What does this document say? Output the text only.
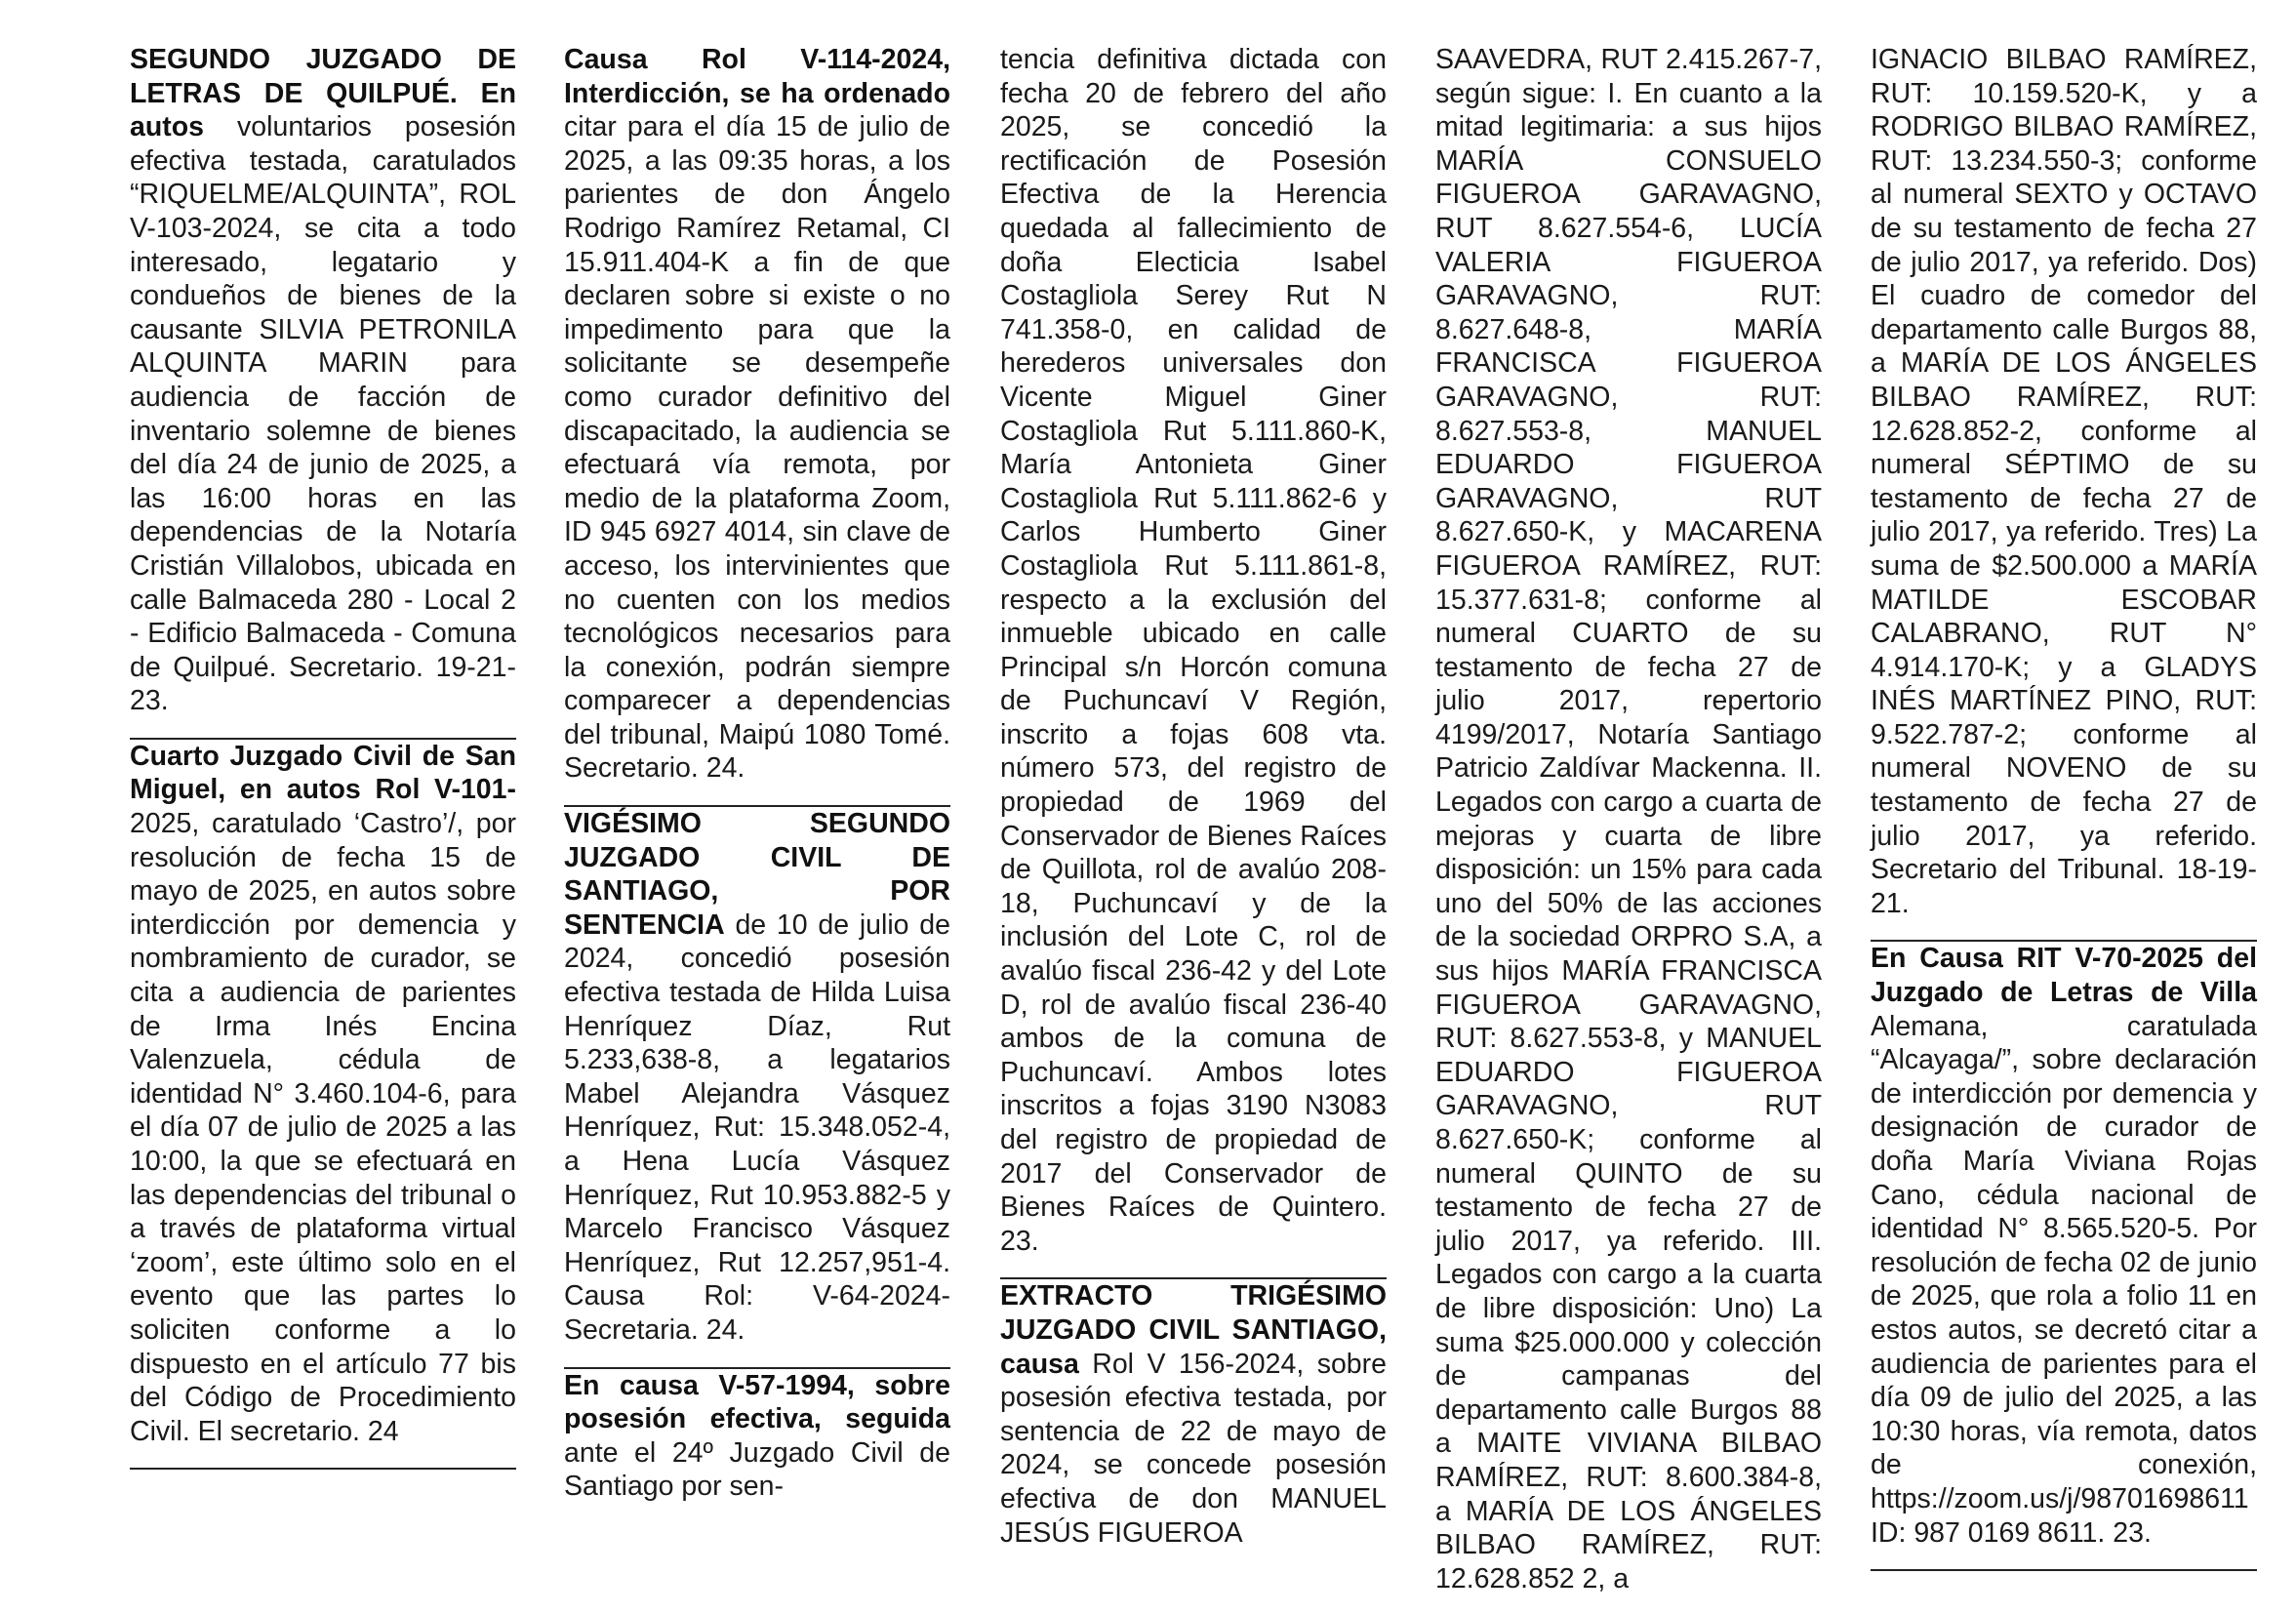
SEGUNDO JUZGADO DE LETRAS DE QUILPUÉ. En autos voluntarios posesión efectiva testada, caratulados “RIQUELME/ALQUINTA”, ROL V-103-2024, se cita a todo interesado, legatario y condueños de bienes de la causante SILVIA PETRONILA ALQUINTA MARIN para audiencia de facción de inventario solemne de bienes del día 24 de junio de 2025, a las 16:00 horas en las dependencias de la Notaría Cristián Villalobos, ubicada en calle Balmaceda 280 - Local 2 - Edificio Balmaceda - Comuna de Quilpué. Secretario. 19-21-23.

Cuarto Juzgado Civil de San Miguel, en autos Rol V-101-2025, caratulado ‘Castro’/, por resolución de fecha 15 de mayo de 2025, en autos sobre interdicción por demencia y nombramiento de curador, se cita a audiencia de parientes de Irma Inés Encina Valenzuela, cédula de identidad N° 3.460.104-6, para el día 07 de julio de 2025 a las 10:00, la que se efectuará en las dependencias del tribunal o a través de plataforma virtual ‘zoom’, este último solo en el evento que las partes lo soliciten conforme a lo dispuesto en el artículo 77 bis del Código de Procedimiento Civil. El secretario. 24

Causa Rol V-114-2024, Interdicción, se ha ordenado citar para el día 15 de julio de 2025, a las 09:35 horas, a los parientes de don Ángelo Rodrigo Ramírez Retamal, CI 15.911.404-K a fin de que declaren sobre si existe o no impedimento para que la solicitante se desempeñe como curador definitivo del discapacitado, la audiencia se efectuará vía remota, por medio de la plataforma Zoom, ID 945 6927 4014, sin clave de acceso, los intervinientes que no cuenten con los medios tecnológicos necesarios para la conexión, podrán siempre comparecer a dependencias del tribunal, Maipú 1080 Tomé. Secretario. 24.

VIGÉSIMO SEGUNDO JUZGADO CIVIL DE SANTIAGO, POR SENTENCIA de 10 de julio de 2024, concedió posesión efectiva testada de Hilda Luisa Henríquez Díaz, Rut 5.233,638-8, a legatarios Mabel Alejandra Vásquez Henríquez, Rut: 15.348.052-4, a Hena Lucía Vásquez Henríquez, Rut 10.953.882-5 y Marcelo Francisco Vásquez Henríquez, Rut 12.257,951-4. Causa Rol: V-64-2024- Secretaria. 24.

En causa V-57-1994, sobre posesión efectiva, seguida ante el 24º Juzgado Civil de Santiago por sen-

tencia definitiva dictada con fecha 20 de febrero del año 2025, se concedió la rectificación de Posesión Efectiva de la Herencia quedada al fallecimiento de doña Electicia Isabel Costagliola Serey Rut N 741.358-0, en calidad de herederos universales don Vicente Miguel Giner Costagliola Rut 5.111.860-K, María Antonieta Giner Costagliola Rut 5.111.862-6 y Carlos Humberto Giner Costagliola Rut 5.111.861-8, respecto a la exclusión del inmueble ubicado en calle Principal s/n Horcón comuna de Puchuncaví V Región, inscrito a fojas 608 vta. número 573, del registro de propiedad de 1969 del Conservador de Bienes Raíces de Quillota, rol de avalúo 208-18, Puchuncaví y de la inclusión del Lote C, rol de avalúo fiscal 236-42 y del Lote D, rol de avalúo fiscal 236-40 ambos de la comuna de Puchuncaví. Ambos lotes inscritos a fojas 3190 N3083 del registro de propiedad de 2017 del Conservador de Bienes Raíces de Quintero. 23.

EXTRACTO TRIGÉSIMO JUZGADO CIVIL SANTIAGO, causa Rol V 156-2024, sobre posesión efectiva testada, por sentencia de 22 de mayo de 2024, se concede posesión efectiva de don MANUEL JESÚS FIGUEROA

SAAVEDRA, RUT 2.415.267-7, según sigue: I. En cuanto a la mitad legitimaria: a sus hijos MARÍA CONSUELO FIGUEROA GARAVAGNO, RUT 8.627.554-6, LUCÍA VALERIA FIGUEROA GARAVAGNO, RUT: 8.627.648-8, MARÍA FRANCISCA FIGUEROA GARAVAGNO, RUT: 8.627.553-8, MANUEL EDUARDO FIGUEROA GARAVAGNO, RUT 8.627.650-K, y MACARENA FIGUEROA RAMÍREZ, RUT: 15.377.631-8; conforme al numeral CUARTO de su testamento de fecha 27 de julio 2017, repertorio 4199/2017, Notaría Santiago Patricio Zaldívar Mackenna. II. Legados con cargo a cuarta de mejoras y cuarta de libre disposición: un 15% para cada uno del 50% de las acciones de la sociedad ORPRO S.A, a sus hijos MARÍA FRANCISCA FIGUEROA GARAVAGNO, RUT: 8.627.553-8, y MANUEL EDUARDO FIGUEROA GARAVAGNO, RUT 8.627.650-K; conforme al numeral QUINTO de su testamento de fecha 27 de julio 2017, ya referido. III. Legados con cargo a la cuarta de libre disposición: Uno) La suma $25.000.000 y colección de campanas del departamento calle Burgos 88 a MAITE VIVIANA BILBAO RAMÍREZ, RUT: 8.600.384-8, a MARÍA DE LOS ÁNGELES BILBAO RAMÍREZ, RUT: 12.628.852 2, a

IGNACIO BILBAO RAMÍREZ, RUT: 10.159.520-K, y a RODRIGO BILBAO RAMÍREZ, RUT: 13.234.550-3; conforme al numeral SEXTO y OCTAVO de su testamento de fecha 27 de julio 2017, ya referido. Dos) El cuadro de comedor del departamento calle Burgos 88, a MARÍA DE LOS ÁNGELES BILBAO RAMÍREZ, RUT: 12.628.852-2, conforme al numeral SÉPTIMO de su testamento de fecha 27 de julio 2017, ya referido. Tres) La suma de $2.500.000 a MARÍA MATILDE ESCOBAR CALABRANO, RUT N° 4.914.170-K; y a GLADYS INÉS MARTÍNEZ PINO, RUT: 9.522.787-2; conforme al numeral NOVENO de su testamento de fecha 27 de julio 2017, ya referido. Secretario del Tribunal. 18-19-21.

En Causa RIT V-70-2025 del Juzgado de Letras de Villa Alemana, caratulada “Alcayaga/”, sobre declaración de interdicción por demencia y designación de curador de doña María Viviana Rojas Cano, cédula nacional de identidad N° 8.565.520-5. Por resolución de fecha 02 de junio de 2025, que rola a folio 11 en estos autos, se decretó citar a audiencia de parientes para el día 09 de julio del 2025, a las 10:30 horas, vía remota, datos de conexión, https://zoom.us/j/98701698611 ID: 987 0169 8611. 23.
